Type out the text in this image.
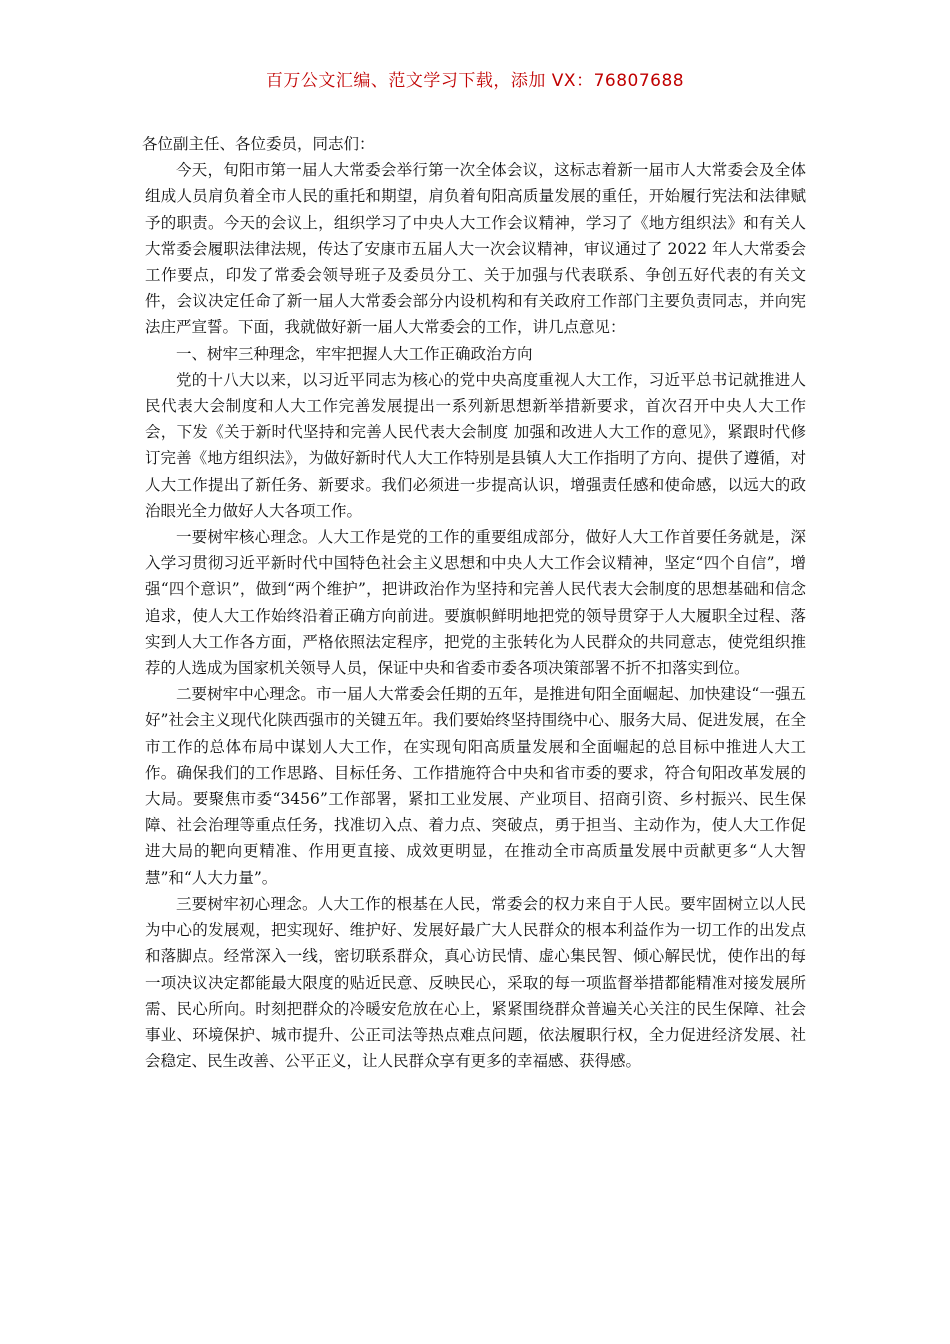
百万公文汇编、范文学习下载，添加 VX：76807688

各位副主任、各位委员，同志们：

今天，旬阳市第一届人大常委会举行第一次全体会议，这标志着新一届市人大常委会及全体组成人员肩负着全市人民的重托和期望，肩负着旬阳高质量发展的重任，开始履行宪法和法律赋予的职责。今天的会议上，组织学习了中央人大工作会议精神，学习了《地方组织法》和有关人大常委会履职法律法规，传达了安康市五届人大一次会议精神，审议通过了 2022 年人大常委会工作要点，印发了常委会领导班子及委员分工、关于加强与代表联系、争创五好代表的有关文件，会议决定任命了新一届人大常委会部分内设机构和有关政府工作部门主要负责同志，并向宪法庄严宣誓。下面，我就做好新一届人大常委会的工作，讲几点意见：

一、树牢三种理念，牢牢把握人大工作正确政治方向

党的十八大以来，以习近平同志为核心的党中央高度重视人大工作，习近平总书记就推进人民代表大会制度和人大工作完善发展提出一系列新思想新举措新要求，首次召开中央人大工作会，下发《关于新时代坚持和完善人民代表大会制度 加强和改进人大工作的意见》，紧跟时代修订完善《地方组织法》，为做好新时代人大工作特别是县镇人大工作指明了方向、提供了遵循，对人大工作提出了新任务、新要求。我们必须进一步提高认识，增强责任感和使命感，以远大的政治眼光全力做好人大各项工作。

一要树牢核心理念。人大工作是党的工作的重要组成部分，做好人大工作首要任务就是，深入学习贯彻习近平新时代中国特色社会主义思想和中央人大工作会议精神，坚定“四个自信”，增强“四个意识”，做到“两个维护”，把讲政治作为坚持和完善人民代表大会制度的思想基础和信念追求，使人大工作始终沿着正确方向前进。要旗帜鲜明地把党的领导贯穿于人大履职全过程、落实到人大工作各方面，严格依照法定程序，把党的主张转化为人民群众的共同意志，使党组织推荐的人选成为国家机关领导人员，保证中央和省委市委各项决策部署不折不扣落实到位。

二要树牢中心理念。市一届人大常委会任期的五年，是推进旬阳全面崛起、加快建设“一强五好”社会主义现代化陕西强市的关键五年。我们要始终坚持围绕中心、服务大局、促进发展，在全市工作的总体布局中谋划人大工作，在实现旬阳高质量发展和全面崛起的总目标中推进人大工作。确保我们的工作思路、目标任务、工作措施符合中央和省市委的要求，符合旬阳改革发展的大局。要聚焦市委“3456”工作部署，紧扣工业发展、产业项目、招商引资、乡村振兴、民生保障、社会治理等重点任务，找准切入点、着力点、突破点，勇于担当、主动作为，使人大工作促进大局的靶向更精准、作用更直接、成效更明显，在推动全市高质量发展中贡献更多“人大智慧”和“人大力量”。

三要树牢初心理念。人大工作的根基在人民，常委会的权力来自于人民。要牢固树立以人民为中心的发展观，把实现好、维护好、发展好最广大人民群众的根本利益作为一切工作的出发点和落脚点。经常深入一线，密切联系群众，真心访民情、虚心集民智、倾心解民忧，使作出的每一项决议决定都能最大限度的贴近民意、反映民心，采取的每一项监督举措都能精准对接发展所需、民心所向。时刻把群众的冷暖安危放在心上，紧紧围绕群众普遍关心关注的民生保障、社会事业、环境保护、城市提升、公正司法等热点难点问题，依法履职行权，全力促进经济发展、社会稳定、民生改善、公平正义，让人民群众享有更多的幸福感、获得感。
